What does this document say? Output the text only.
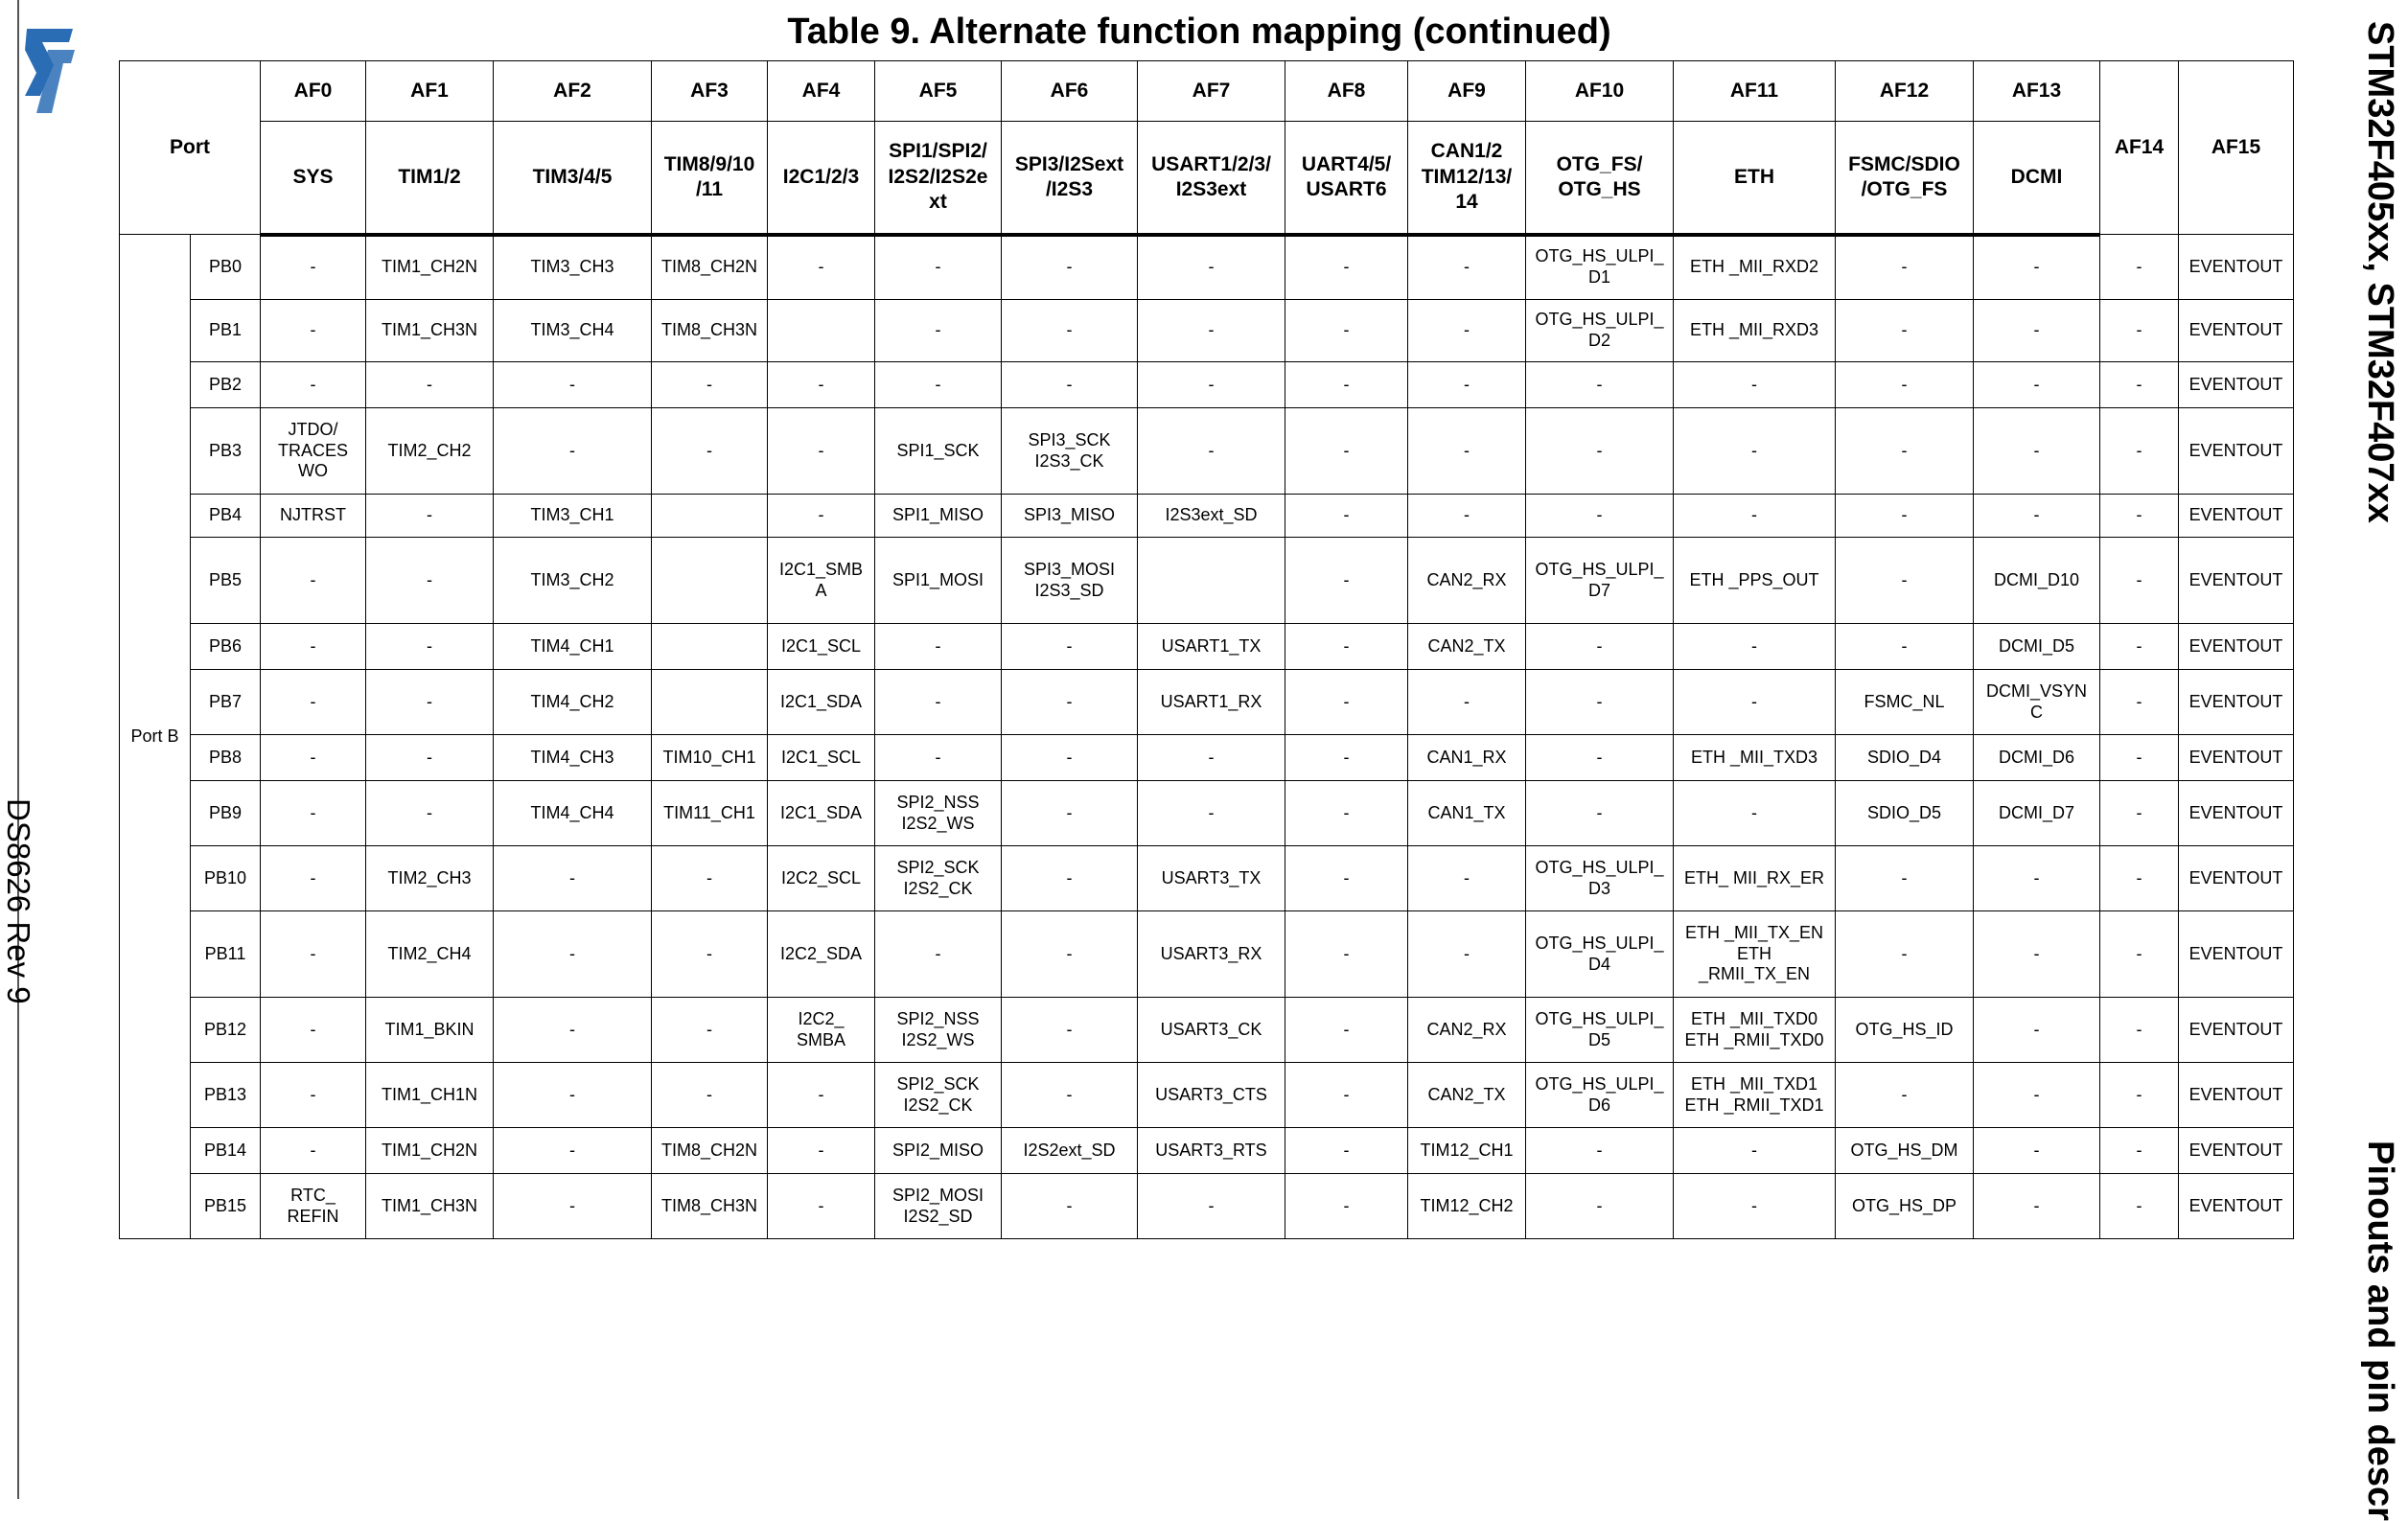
DS8626 Rev 9
Table 9. Alternate function mapping (continued)	STM32F405xx, STM32F407xx
Pinouts and pin descr
Port		AF0	AF1	AF2	AF3	AF4	AF5	AF6	AF7	AF8	AF9	AF10	AF11	AF12	AF13	AF14	AF15

		SYS	TIM1/2	TIM3/4/5	TIM8/9/10
/11	I2C1/2/3	SPI1/SPI2/
I2S2/I2S2e
xt	SPI3/I2Sext
/I2S3	USART1/2/3/
I2S3ext	UART4/5/
USART6	CAN1/2
TIM12/13/
14	OTG_FS/
OTG_HS	ETH	FSMC/SDIO
/OTG_FS	DCMI		

Port B	PB0	-	TIM1_CH2N	TIM3_CH3	TIM8_CH2N	-	-	-	-	-	-	OTG_HS_ULPI_
D1	ETH _MII_RXD2	-	-	-	EVENTOUT

	PB1	-	TIM1_CH3N	TIM3_CH4	TIM8_CH3N		-	-	-	-	-	OTG_HS_ULPI_
D2	ETH _MII_RXD3	-	-	-	EVENTOUT

	PB2	-	-	-	-	-	-	-	-	-	-	-	-	-	-	-	EVENTOUT

	PB3	JTDO/
TRACES
WO	TIM2_CH2	-	-	-	SPI1_SCK	SPI3_SCK
I2S3_CK	-	-	-	-	-	-	-	-	EVENTOUT

	PB4	NJTRST	-	TIM3_CH1		-	SPI1_MISO	SPI3_MISO	I2S3ext_SD	-	-	-	-	-	-	-	EVENTOUT

	PB5	-	-	TIM3_CH2		I2C1_SMB
A	SPI1_MOSI	SPI3_MOSI
I2S3_SD		-	CAN2_RX	OTG_HS_ULPI_
D7	ETH _PPS_OUT	-	DCMI_D10	-	EVENTOUT

	PB6	-	-	TIM4_CH1		I2C1_SCL	-	-	USART1_TX	-	CAN2_TX	-	-	-	DCMI_D5	-	EVENTOUT

	PB7	-	-	TIM4_CH2		I2C1_SDA	-	-	USART1_RX	-	-	-	-	FSMC_NL	DCMI_VSYN
C	-	EVENTOUT

	PB8	-	-	TIM4_CH3	TIM10_CH1	I2C1_SCL	-	-	-	-	CAN1_RX	-	ETH _MII_TXD3	SDIO_D4	DCMI_D6	-	EVENTOUT

	PB9	-	-	TIM4_CH4	TIM11_CH1	I2C1_SDA	SPI2_NSS
I2S2_WS	-	-	-	CAN1_TX	-	-	SDIO_D5	DCMI_D7	-	EVENTOUT

	PB10	-	TIM2_CH3	-	-	I2C2_SCL	SPI2_SCK
I2S2_CK	-	USART3_TX	-	-	OTG_HS_ULPI_
D3	ETH_ MII_RX_ER	-	-	-	EVENTOUT

	PB11	-	TIM2_CH4	-	-	I2C2_SDA	-	-	USART3_RX	-	-	OTG_HS_ULPI_
D4	ETH _MII_TX_EN
ETH
_RMII_TX_EN	-	-	-	EVENTOUT

	PB12	-	TIM1_BKIN	-	-	I2C2_
SMBA	SPI2_NSS
I2S2_WS	-	USART3_CK	-	CAN2_RX	OTG_HS_ULPI_
D5	ETH _MII_TXD0
ETH _RMII_TXD0	OTG_HS_ID	-	-	EVENTOUT

	PB13	-	TIM1_CH1N	-	-	-	SPI2_SCK
I2S2_CK	-	USART3_CTS	-	CAN2_TX	OTG_HS_ULPI_
D6	ETH _MII_TXD1
ETH _RMII_TXD1	-	-	-	EVENTOUT

	PB14	-	TIM1_CH2N	-	TIM8_CH2N	-	SPI2_MISO	I2S2ext_SD	USART3_RTS	-	TIM12_CH1	-	-	OTG_HS_DM	-	-	EVENTOUT

	PB15	RTC_
REFIN	TIM1_CH3N	-	TIM8_CH3N	-	SPI2_MOSI
I2S2_SD	-	-	-	TIM12_CH2	-	-	OTG_HS_DP	-	-	EVENTOUT
